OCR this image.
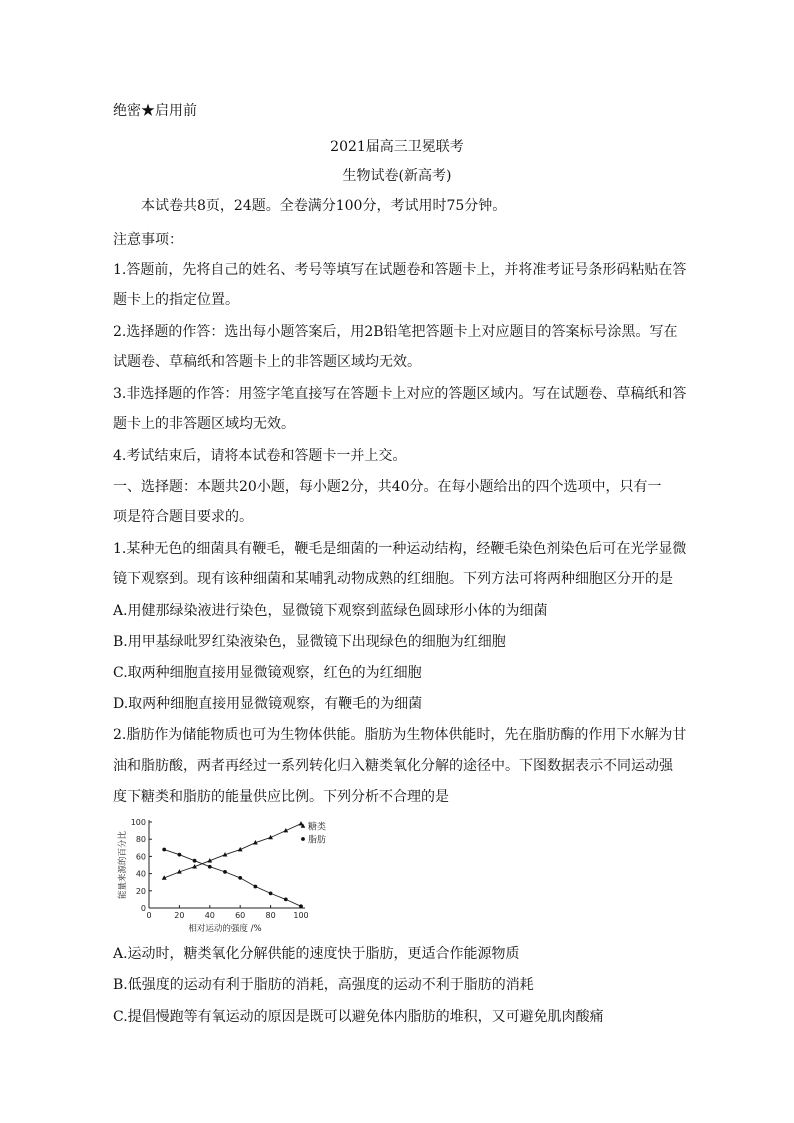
绝密★启用前
2021届高三卫冕联考
生物试卷(新高考)
本试卷共8页，24题。全卷满分100分，考试用时75分钟。
注意事项：
1.答题前，先将自己的姓名、考号等填写在试题卷和答题卡上，并将准考证号条形码粘贴在答
题卡上的指定位置。
2.选择题的作答：选出每小题答案后，用2B铅笔把答题卡上对应题目的答案标号涂黑。写在
试题卷、草稿纸和答题卡上的非答题区域均无效。
3.非选择题的作答：用签字笔直接写在答题卡上对应的答题区域内。写在试题卷、草稿纸和答
题卡上的非答题区域均无效。
4.考试结束后，请将本试卷和答题卡一并上交。
一、选择题：本题共20小题，每小题2分，共40分。在每小题给出的四个选项中，只有一
项是符合题目要求的。
1.某种无色的细菌具有鞭毛，鞭毛是细菌的一种运动结构，经鞭毛染色剂染色后可在光学显微
镜下观察到。现有该种细菌和某哺乳动物成熟的红细胞。下列方法可将两种细胞区分开的是
A.用健那绿染液进行染色，显微镜下观察到蓝绿色圆球形小体的为细菌
B.用甲基绿吡罗红染液染色，显微镜下出现绿色的细胞为红细胞
C.取两种细胞直接用显微镜观察，红色的为红细胞
D.取两种细胞直接用显微镜观察，有鞭毛的为细菌
2.脂肪作为储能物质也可为生物体供能。脂肪为生物体供能时，先在脂肪酶的作用下水解为甘
油和脂肪酸，两者再经过一系列转化归入糖类氧化分解的途径中。下图数据表示不同运动强
度下糖类和脂肪的能量供应比例。下列分析不合理的是
0
20
40
60
80
100
0	20	40	60	80 100
相对运动的强度 /%
能量来源的百分比
糖类
脂肪
A.运动时，糖类氧化分解供能的速度快于脂肪，更适合作能源物质
B.低强度的运动有利于脂肪的消耗，高强度的运动不利于脂肪的消耗
C.提倡慢跑等有氧运动的原因是既可以避免体内脂肪的堆积，又可避免肌肉酸痛
